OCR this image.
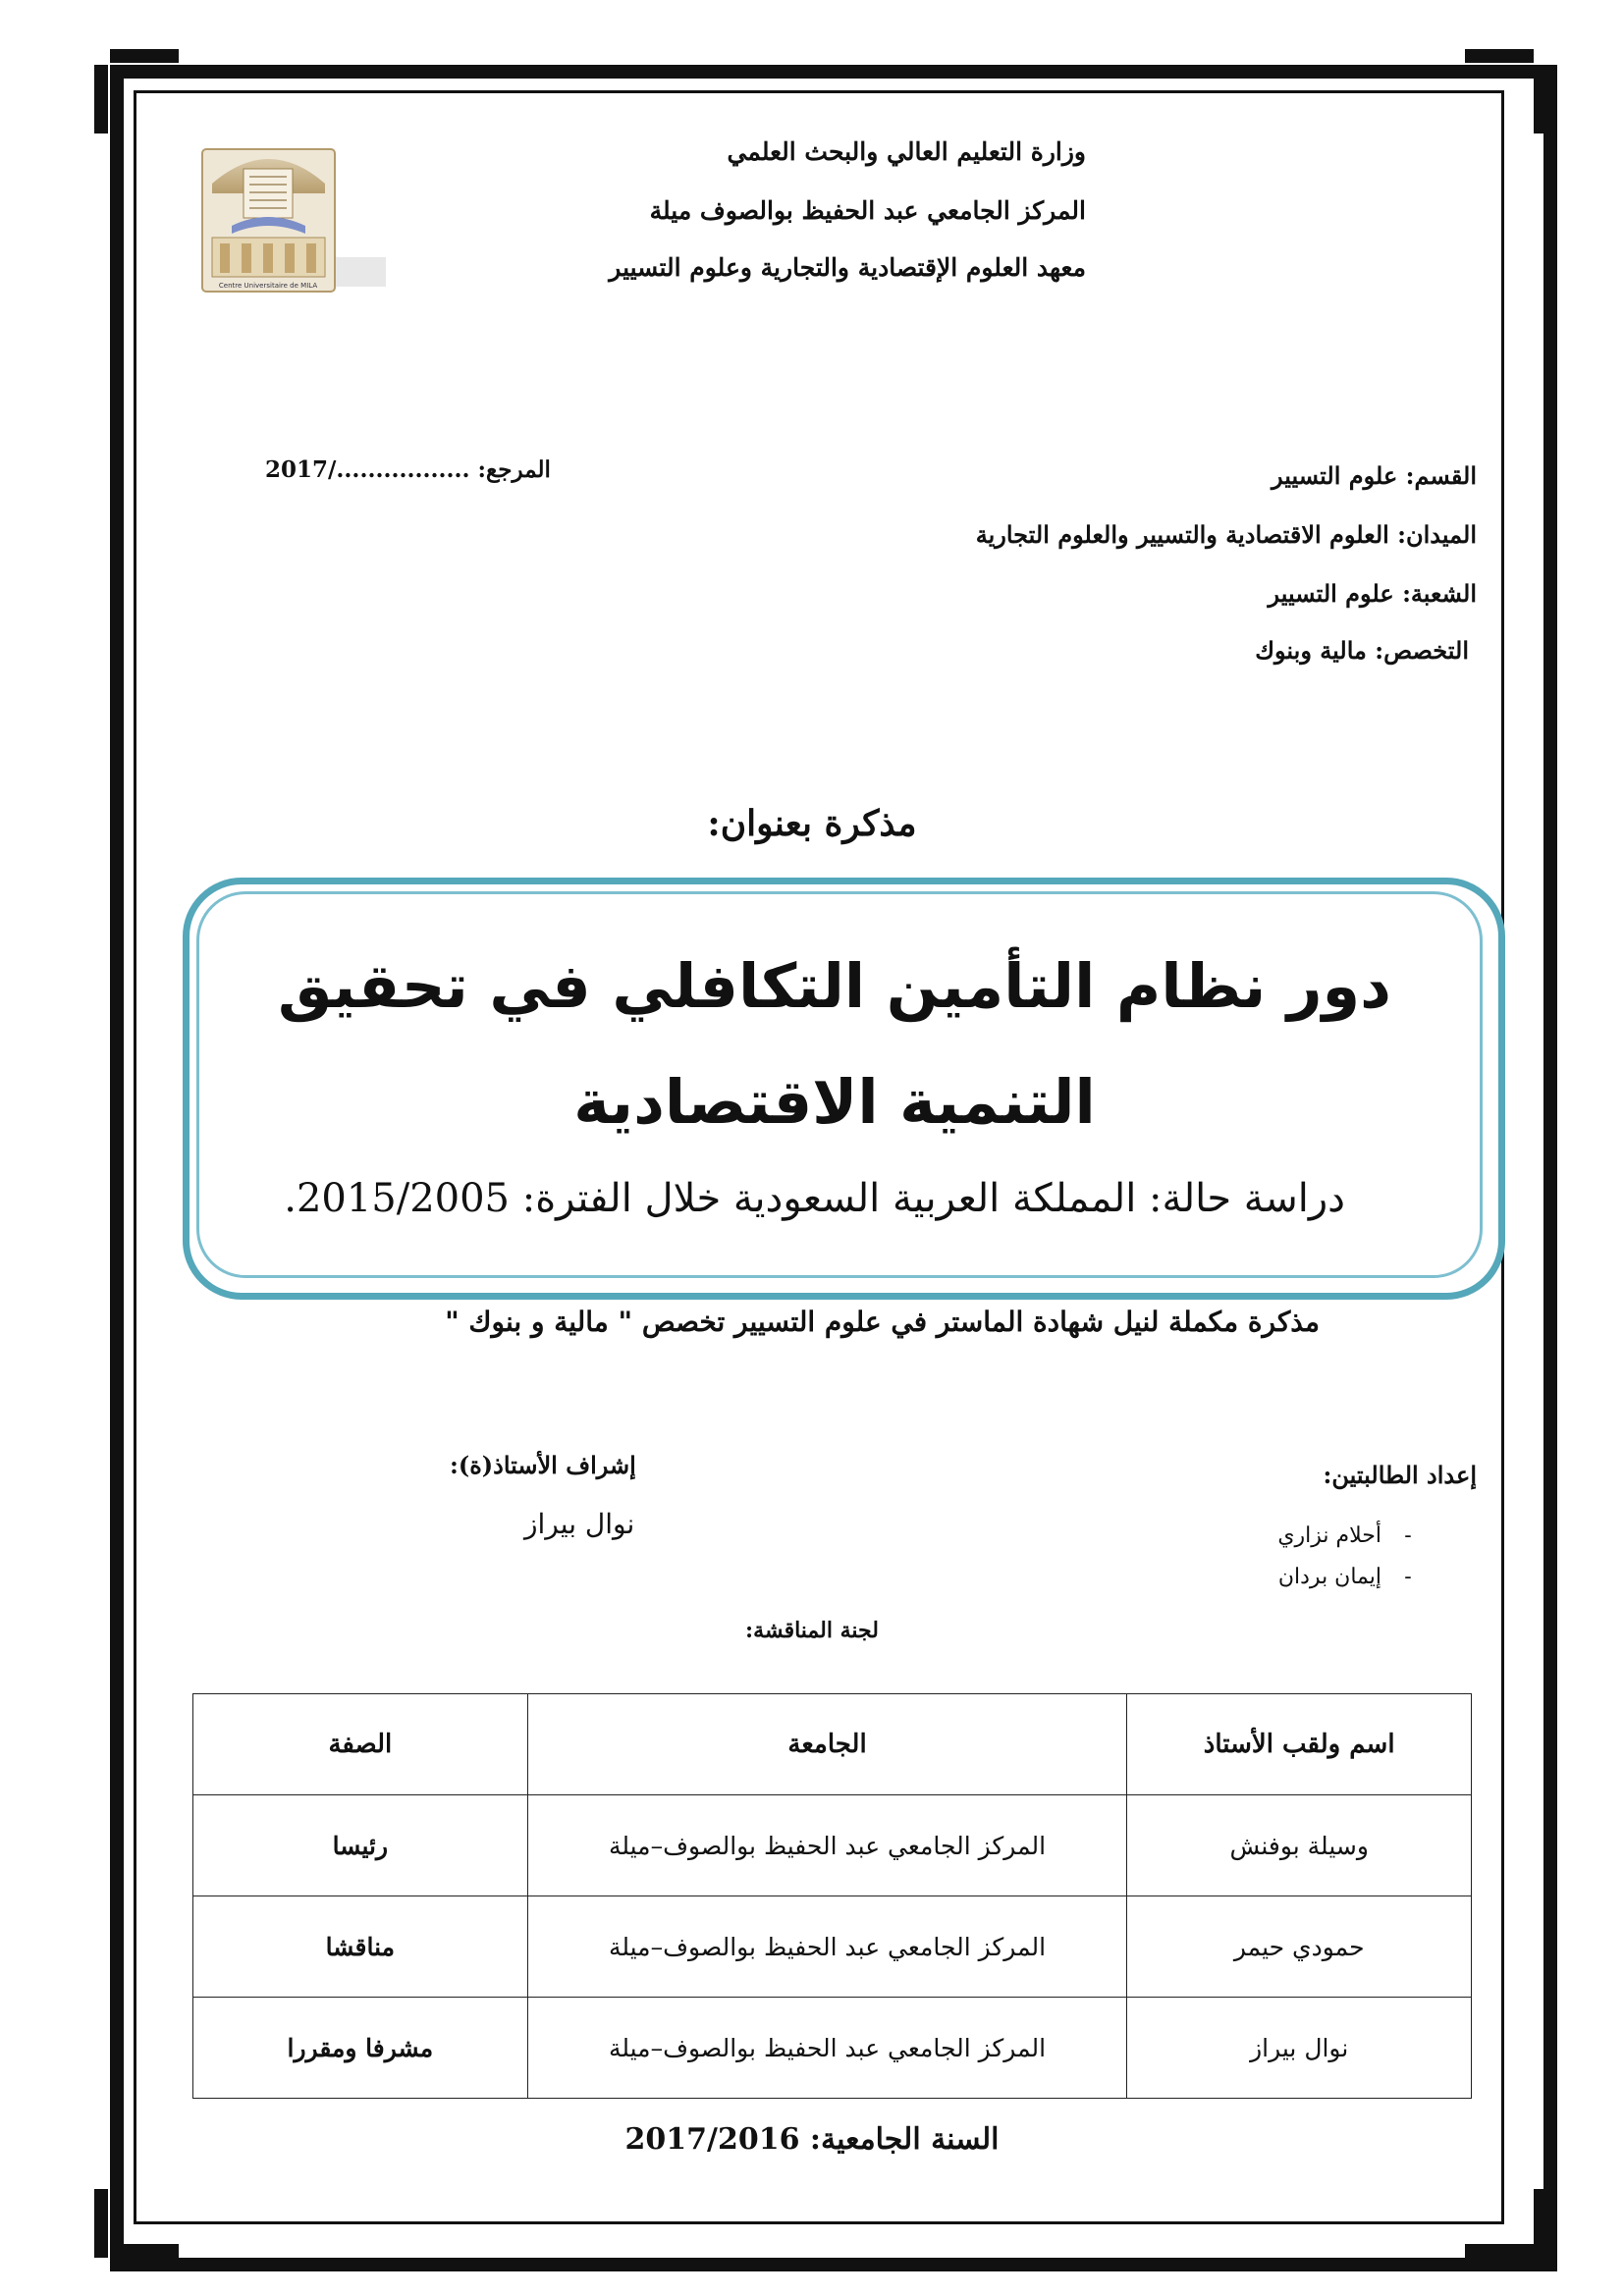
Centre Universitaire de MILA
وزارة التعليم العالي والبحث العلمي
المركز الجامعي عبد الحفيظ بوالصوف ميلة
معهد العلوم الإقتصادية والتجارية وعلوم التسيير
القسم: علوم التسيير
الميدان: العلوم الاقتصادية والتسيير والعلوم التجارية
الشعبة: علوم التسيير
التخصص: مالية وبنوك
المرجع: ................./2017
مذكرة بعنوان:
دور نظام التأمين التكافلي في تحقيق
التنمية الاقتصادية
دراسة حالة: المملكة العربية السعودية خلال الفترة: 2015/2005.
مذكرة مكملة لنيل شهادة الماستر في علوم التسيير تخصص " مالية و بنوك "
إشراف الأستاذ(ة):
نوال بيراز
إعداد الطالبتين:
- أحلام نزاري
- إيمان بردان
لجنة المناقشة:
اسم ولقب الأستاذ	الجامعة	الصفة
وسيلة بوفنش	المركز الجامعي عبد الحفيظ بوالصوف–ميلة	رئيسا
حمودي حيمر	المركز الجامعي عبد الحفيظ بوالصوف–ميلة	مناقشا
نوال بيراز	المركز الجامعي عبد الحفيظ بوالصوف–ميلة	مشرفا ومقررا
السنة الجامعية: 2017/2016
